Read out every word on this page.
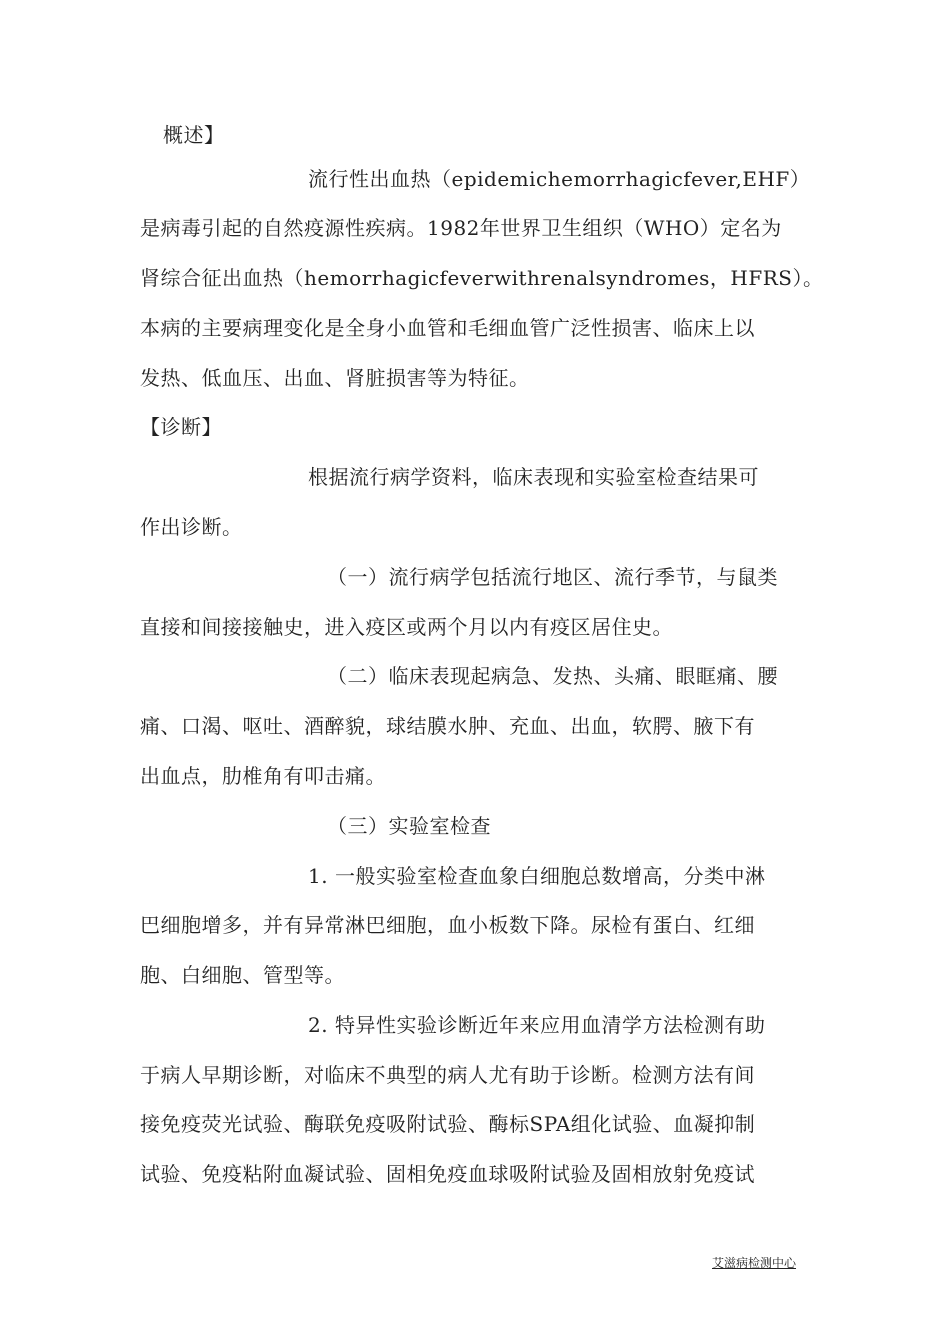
概述】
流行性出血热（epidemichemorrhagicfever,EHF）
是病毒引起的自然疫源性疾病。1982年世界卫生组织（WHO）定名为
肾综合征出血热（hemorrhagicfeverwithrenalsyndromes，HFRS）。
本病的主要病理变化是全身小血管和毛细血管广泛性损害、临床上以
发热、低血压、出血、肾脏损害等为特征。
【诊断】
根据流行病学资料，临床表现和实验室检查结果可
作出诊断。
（一）流行病学包括流行地区、流行季节，与鼠类
直接和间接接触史，进入疫区或两个月以内有疫区居住史。
（二）临床表现起病急、发热、头痛、眼眶痛、腰
痛、口渴、呕吐、酒醉貌，球结膜水肿、充血、出血，软腭、腋下有
出血点，肋椎角有叩击痛。
（三）实验室检查
1. 一般实验室检查血象白细胞总数增高，分类中淋
巴细胞增多，并有异常淋巴细胞，血小板数下降。尿检有蛋白、红细
胞、白细胞、管型等。
2. 特异性实验诊断近年来应用血清学方法检测有助
于病人早期诊断，对临床不典型的病人尤有助于诊断。检测方法有间
接免疫荧光试验、酶联免疫吸附试验、酶标SPA组化试验、血凝抑制
试验、免疫粘附血凝试验、固相免疫血球吸附试验及固相放射免疫试
艾滋病检测中心
